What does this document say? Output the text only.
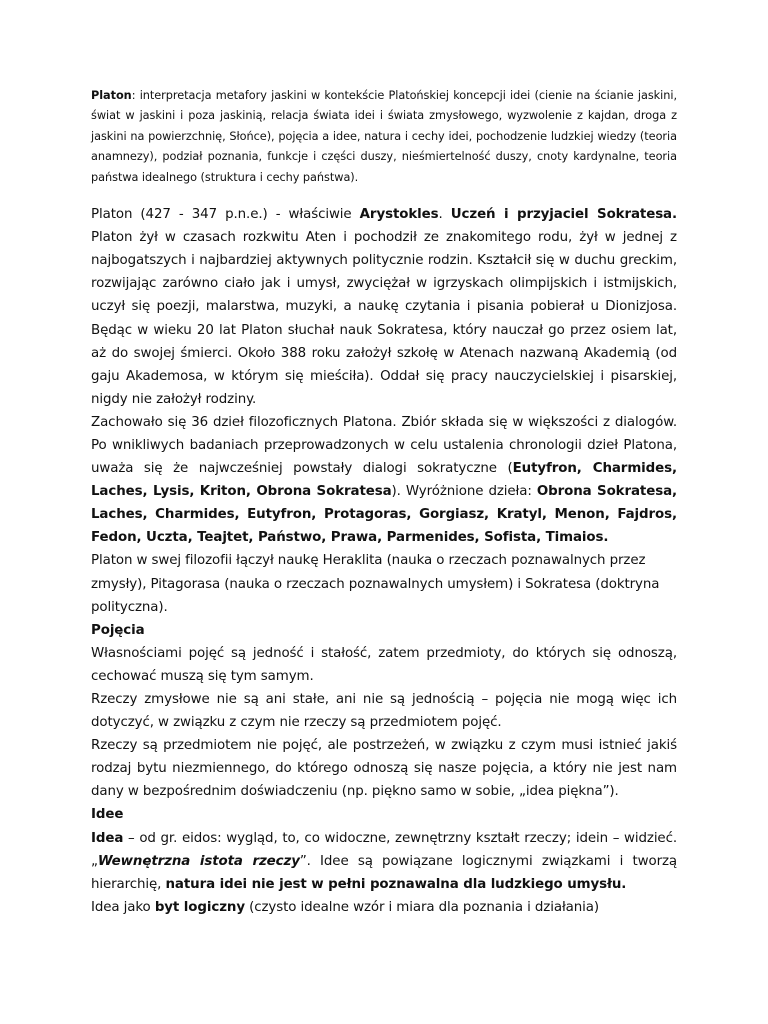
Platon: interpretacja metafory jaskini w kontekście Platońskiej koncepcji idei (cienie na ścianie jaskini, świat w jaskini i poza jaskinią, relacja świata idei i świata zmysłowego, wyzwolenie z kajdan, droga z jaskini na powierzchnię, Słońce), pojęcia a idee, natura i cechy idei, pochodzenie ludzkiej wiedzy (teoria anamnezy), podział poznania, funkcje i części duszy, nieśmiertelność duszy, cnoty kardynalne, teoria państwa idealnego (struktura i cechy państwa).

Platon (427 - 347 p.n.e.) - właściwie Arystokles. Uczeń i przyjaciel Sokratesa. Platon żył w czasach rozkwitu Aten i pochodził ze znakomitego rodu, żył w jednej z najbogatszych i najbardziej aktywnych politycznie rodzin. Kształcił się w duchu greckim, rozwijając zarówno ciało jak i umysł, zwyciężał w igrzyskach olimpijskich i istmijskich, uczył się poezji, malarstwa, muzyki, a naukę czytania i pisania pobierał u Dionizjosa. Będąc w wieku 20 lat Platon słuchał nauk Sokratesa, który nauczał go przez osiem lat, aż do swojej śmierci. Około 388 roku założył szkołę w Atenach nazwaną Akademią (od gaju Akademosa, w którym się mieściła). Oddał się pracy nauczycielskiej i pisarskiej, nigdy nie założył rodziny.

Zachowało się 36 dzieł filozoficznych Platona. Zbiór składa się w większości z dialogów. Po wnikliwych badaniach przeprowadzonych w celu ustalenia chronologii dzieł Platona, uważa się że najwcześniej powstały dialogi sokratyczne (Eutyfron, Charmides, Laches, Lysis, Kriton, Obrona Sokratesa). Wyróżnione dzieła: Obrona Sokratesa, Laches, Charmides, Eutyfron, Protagoras, Gorgiasz, Kratyl, Menon, Fajdros, Fedon, Uczta, Teajtet, Państwo, Prawa, Parmenides, Sofista, Timaios.

Platon w swej filozofii łączył naukę Heraklita (nauka o rzeczach poznawalnych przez zmysły), Pitagorasa (nauka o rzeczach poznawalnych umysłem) i Sokratesa (doktryna polityczna).

Pojęcia

Własnościami pojęć są jedność i stałość, zatem przedmioty, do których się odnoszą, cechować muszą się tym samym.

Rzeczy zmysłowe nie są ani stałe, ani nie są jednością – pojęcia nie mogą więc ich dotyczyć, w związku z czym nie rzeczy są przedmiotem pojęć.

Rzeczy są przedmiotem nie pojęć, ale postrzeżeń, w związku z czym musi istnieć jakiś rodzaj bytu niezmiennego, do którego odnoszą się nasze pojęcia, a który nie jest nam dany w bezpośrednim doświadczeniu (np. piękno samo w sobie, „idea piękna”).

Idee

Idea – od gr. eidos: wygląd, to, co widoczne, zewnętrzny kształt rzeczy; idein – widzieć. „Wewnętrzna istota rzeczy”. Idee są powiązane logicznymi związkami i tworzą hierarchię, natura idei nie jest w pełni poznawalna dla ludzkiego umysłu.

Idea jako byt logiczny (czysto idealne wzór i miara dla poznania i działania)
